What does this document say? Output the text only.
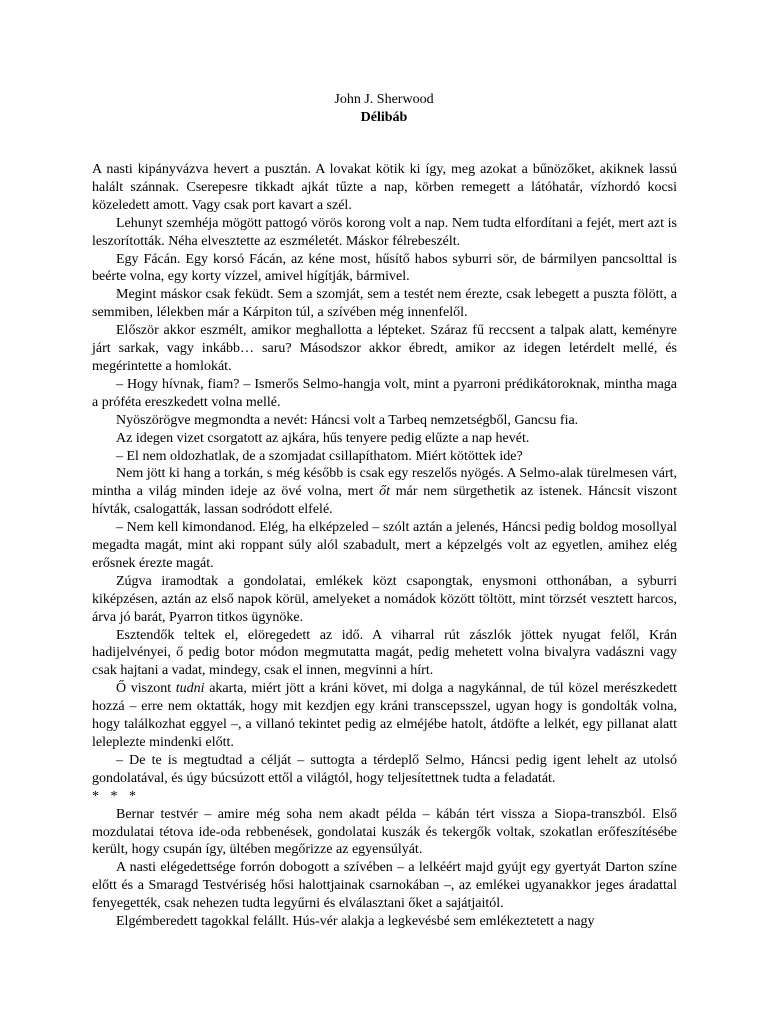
John J. Sherwood
Délibáb

A nasti kipányvázva hevert a pusztán. A lovakat kötik ki így, meg azokat a bűnözőket, akiknek lassú halált szánnak. Cserepesre tikkadt ajkát tűzte a nap, körben remegett a látóhatár, vízhordó kocsi közeledett amott. Vagy csak port kavart a szél.

Lehunyt szemhéja mögött pattogó vörös korong volt a nap. Nem tudta elfordítani a fejét, mert azt is leszorították. Néha elvesztette az eszméletét. Máskor félrebeszélt.

Egy Fácán. Egy korsó Fácán, az kéne most, hűsítő habos syburri sör, de bármilyen pancsolttal is beérte volna, egy korty vízzel, amivel hígítják, bármivel.

Megint máskor csak feküdt. Sem a szomját, sem a testét nem érezte, csak lebegett a puszta fölött, a semmiben, lélekben már a Kárpiton túl, a szívében még innenfelől.

Először akkor eszmélt, amikor meghallotta a lépteket. Száraz fű reccsent a talpak alatt, keményre járt sarkak, vagy inkább… saru? Másodszor akkor ébredt, amikor az idegen letérdelt mellé, és megérintette a homlokát.

– Hogy hívnak, fiam? – Ismerős Selmo-hangja volt, mint a pyarroni prédikátoroknak, mintha maga a próféta ereszkedett volna mellé.

Nyöszörögve megmondta a nevét: Háncsi volt a Tarbeq nemzetségből, Gancsu fia.

Az idegen vizet csorgatott az ajkára, hűs tenyere pedig elűzte a nap hevét.

– El nem oldozhatlak, de a szomjadat csillapíthatom. Miért kötöttek ide?

Nem jött ki hang a torkán, s még később is csak egy reszelős nyögés. A Selmo-alak türelmesen várt, mintha a világ minden ideje az övé volna, mert őt már nem sürgethetik az istenek. Háncsit viszont hívták, csalogatták, lassan sodródott elfelé.

– Nem kell kimondanod. Elég, ha elképzeled – szólt aztán a jelenés, Háncsi pedig boldog mosollyal megadta magát, mint aki roppant súly alól szabadult, mert a képzelgés volt az egyetlen, amihez elég erősnek érezte magát.

Zúgva iramodtak a gondolatai, emlékek közt csapongtak, enysmoni otthonában, a syburri kiképzésen, aztán az első napok körül, amelyeket a nomádok között töltött, mint törzsét vesztett harcos, árva jó barát, Pyarron titkos ügynöke.

Esztendők teltek el, elöregedett az idő. A viharral rút zászlók jöttek nyugat felől, Krán hadijelvényei, ő pedig botor módon megmutatta magát, pedig mehetett volna bivalyra vadászni vagy csak hajtani a vadat, mindegy, csak el innen, megvinni a hírt.

Ő viszont tudni akarta, miért jött a kráni követ, mi dolga a nagykánnal, de túl közel merészkedett hozzá – erre nem oktatták, hogy mit kezdjen egy kráni transcepsszel, ugyan hogy is gondolták volna, hogy találkozhat eggyel –, a villanó tekintet pedig az elméjébe hatolt, átdöfte a lelkét, egy pillanat alatt leleplezte mindenki előtt.

– De te is megtudtad a célját – suttogta a térdeplő Selmo, Háncsi pedig igent lehelt az utolsó gondolatával, és úgy búcsúzott ettől a világtól, hogy teljesítettnek tudta a feladatát.

* * *

Bernar testvér – amire még soha nem akadt példa – kábán tért vissza a Siopa-transzból. Első mozdulatai tétova ide-oda rebbenések, gondolatai kuszák és tekergők voltak, szokatlan erőfeszítésébe került, hogy csupán így, ültében megőrizze az egyensúlyát.

A nasti elégedettsége forrón dobogott a szívében – a lelkéért majd gyújt egy gyertyát Darton színe előtt és a Smaragd Testvériség hősi halottjainak csarnokában –, az emlékei ugyanakkor jeges áradattal fenyegették, csak nehezen tudta legyűrni és elválasztani őket a sajátjaitól.

Elgémberedett tagokkal felállt. Hús-vér alakja a legkevésbé sem emlékeztetett a nagy
